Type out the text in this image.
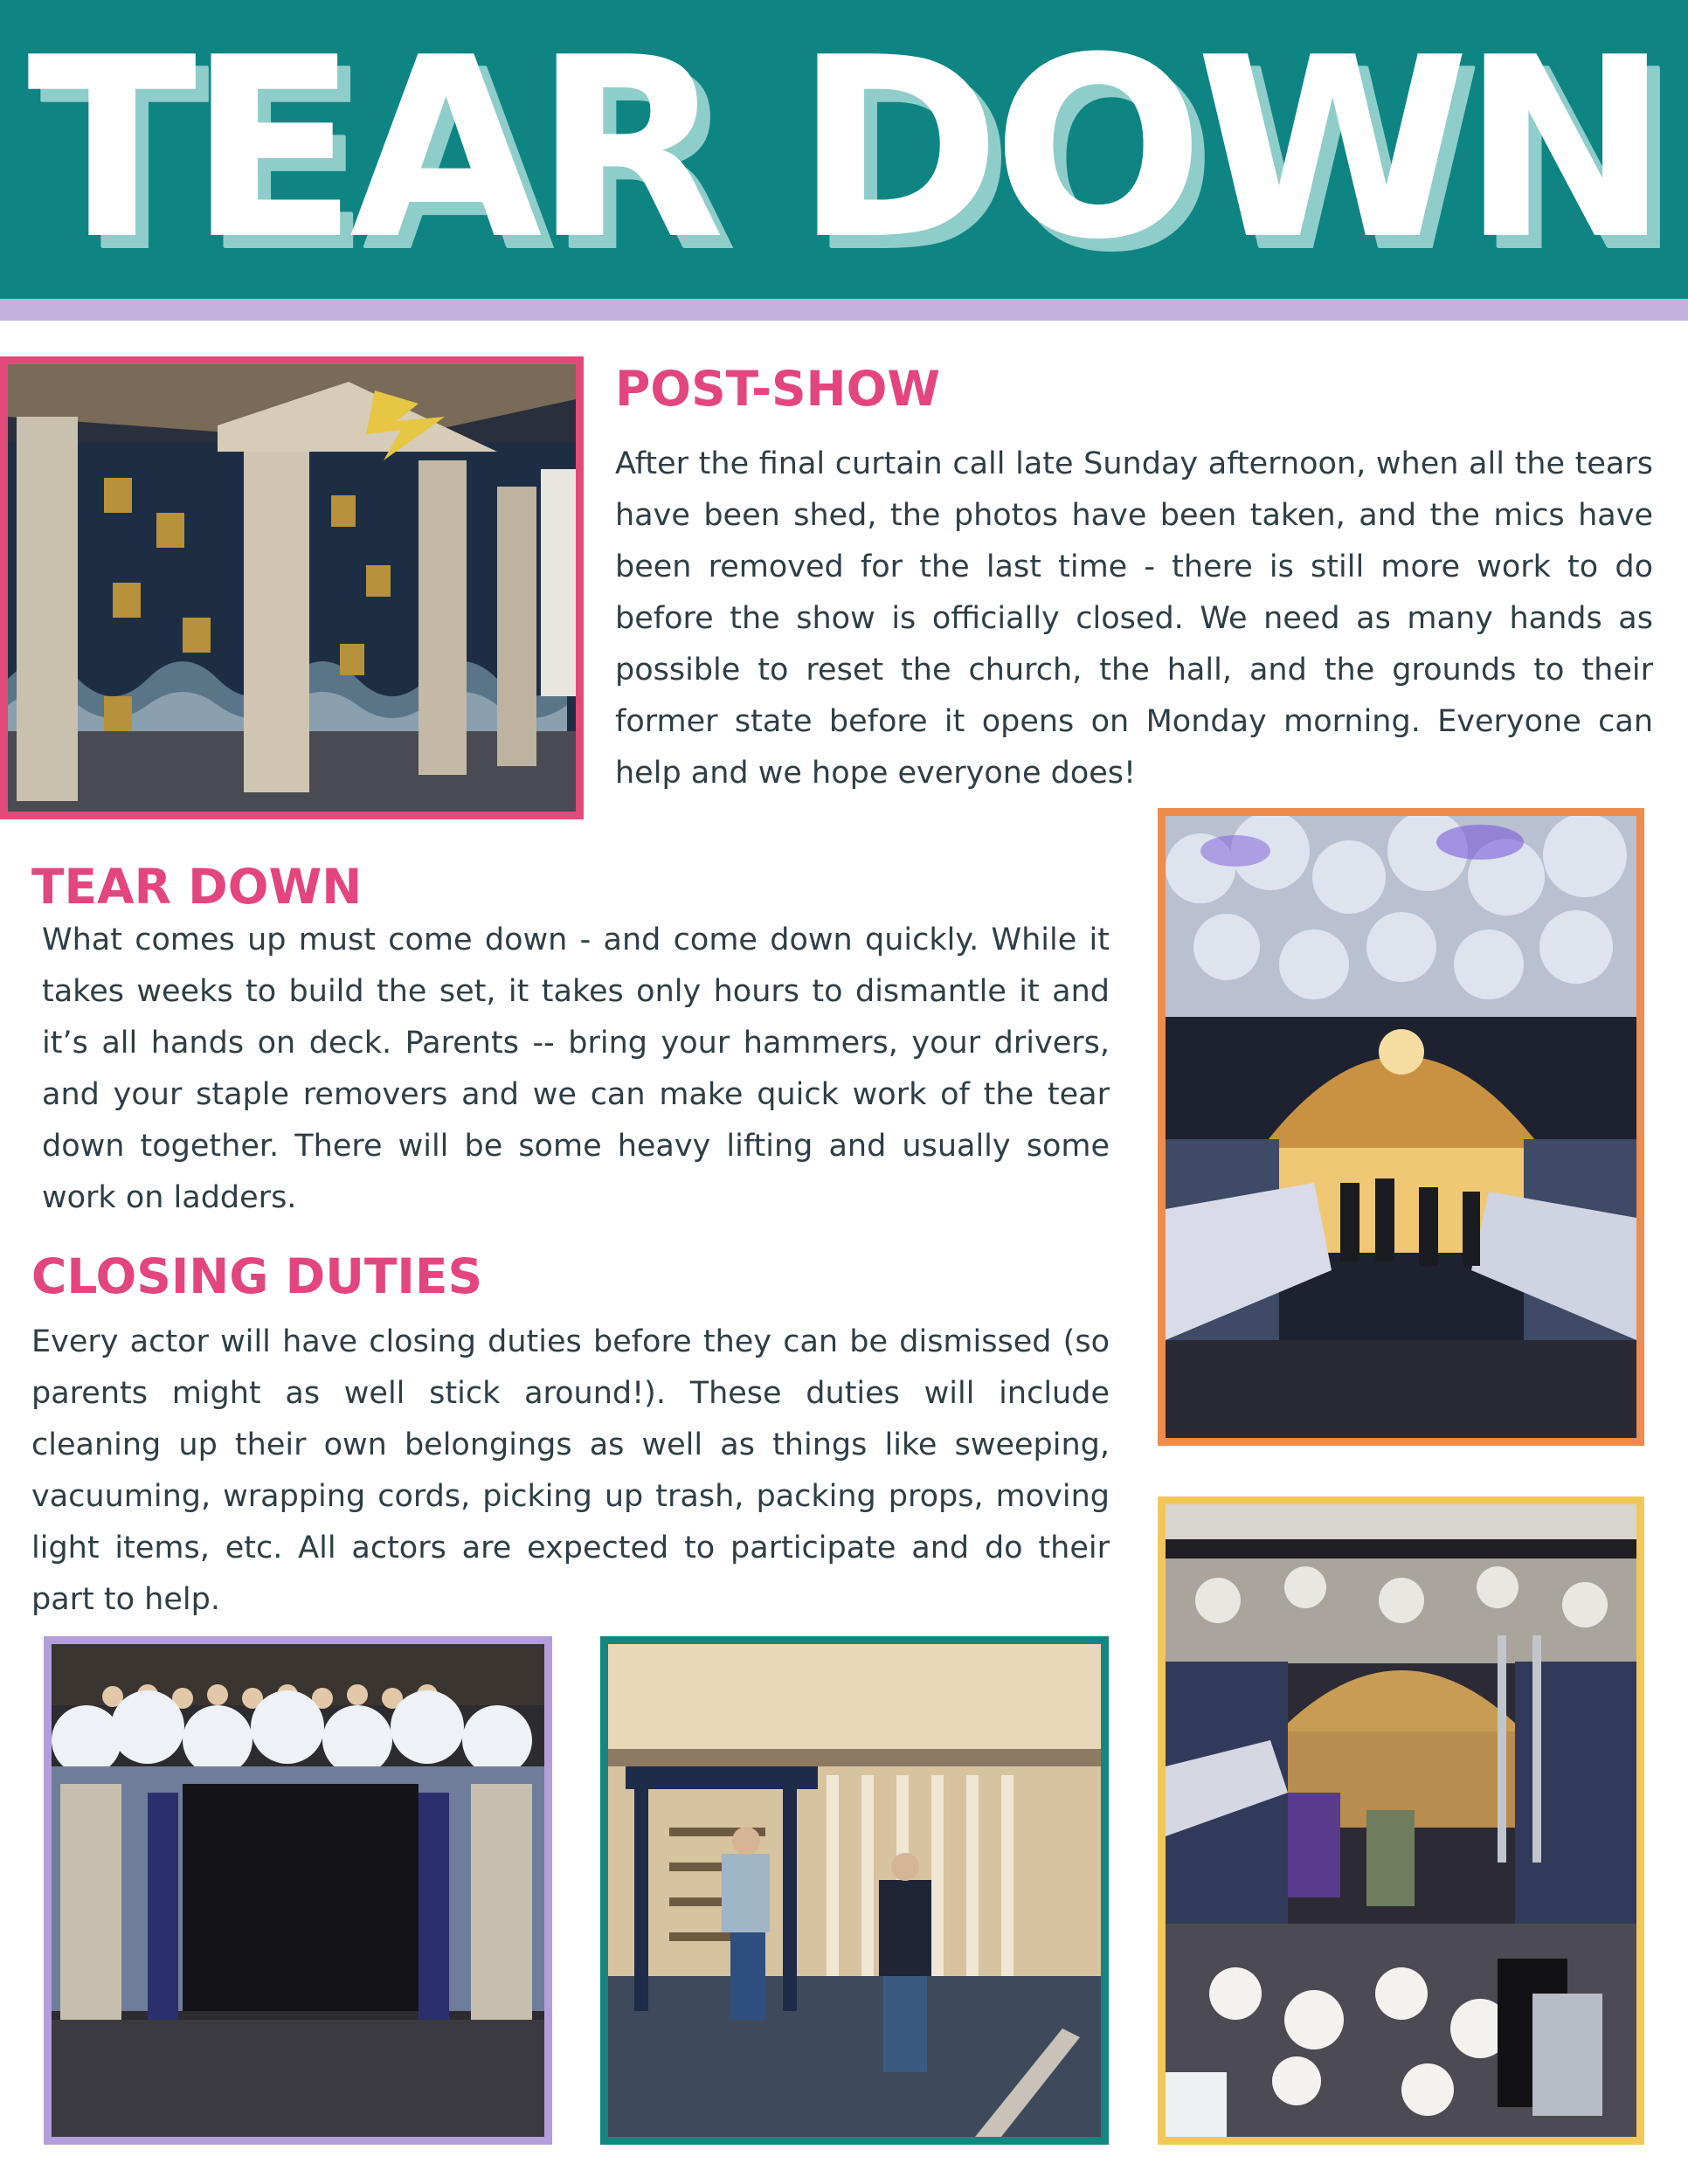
TEAR DOWN
POST-SHOW

After the final curtain call late Sunday afternoon, when all the tears have been shed, the photos have been taken, and the mics have been removed for the last time - there is still more work to do before the show is officially closed. We need as many hands as possible to reset the church, the hall, and the grounds to their former state before it opens on Monday morning. Everyone can help and we hope everyone does!

TEAR DOWN

What comes up must come down - and come down quickly. While it takes weeks to build the set, it takes only hours to dismantle it and it’s all hands on deck. Parents -- bring your hammers, your drivers, and your staple removers and we can make quick work of the tear down together. There will be some heavy lifting and usually some work on ladders.

CLOSING DUTIES

Every actor will have closing duties before they can be dismissed (so parents might as well stick around!). These duties will include cleaning up their own belongings as well as things like sweeping, vacuuming, wrapping cords, picking up trash, packing props, moving light items, etc. All actors are expected to participate and do their part to help.
